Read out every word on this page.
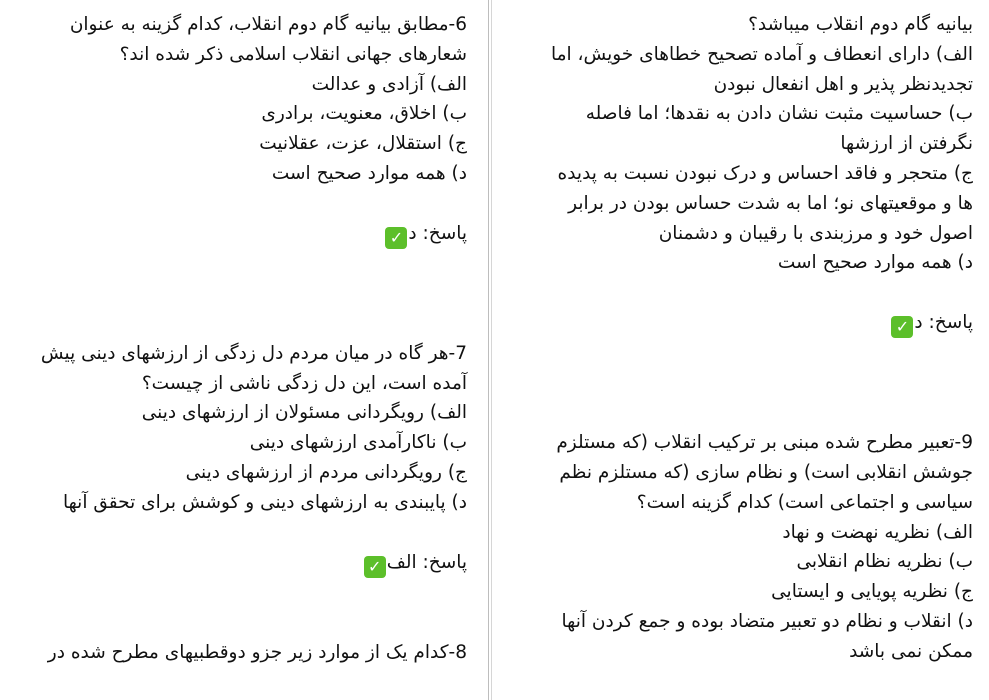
بیانیه گام دوم انقلاب میباشد؟
الف) دارای انعطاف و آماده تصحیح خطاهای خویش، اما
تجدیدنظر پذیر و اهل انفعال نبودن
ب) حساسیت مثبت نشان دادن به نقدها؛ اما فاصله
نگرفتن از ارزشها
ج) متحجر و فاقد احساس و درک نبودن نسبت به پدیده
ها و موقعیتهای نو؛ اما به شدت حساس بودن در برابر
اصول خود و مرزبندی با رقیبان و دشمنان
د) همه موارد صحیح است
پاسخ: د✓
9-تعبیر مطرح شده مبنی بر ترکیب انقلاب (که مستلزم
جوشش انقلابی است) و نظام سازی (که مستلزم نظم
سیاسی و اجتماعی است) کدام گزینه است؟
الف) نظریه نهضت و نهاد
ب) نظریه نظام انقلابی
ج) نظریه پویایی و ایستایی
د) انقلاب و نظام دو تعبیر متضاد بوده و جمع کردن آنها
ممکن نمی باشد
6-مطابق بیانیه گام دوم انقلاب، کدام گزینه به عنوان
شعارهای جهانی انقلاب اسلامی ذکر شده اند؟
الف) آزادی و عدالت
ب) اخلاق، معنویت، برادری
ج) استقلال، عزت، عقلانیت
د) همه موارد صحیح است
پاسخ: د✓
7-هر گاه در میان مردم دل زدگی از ارزشهای دینی پیش
آمده است، این دل زدگی ناشی از چیست؟
الف) رویگردانی مسئولان از ارزشهای دینی
ب) ناکارآمدی ارزشهای دینی
ج) رویگردانی مردم از ارزشهای دینی
د) پایبندی به ارزشهای دینی و کوشش برای تحقق آنها
پاسخ: الف✓
8-کدام یک از موارد زیر جزو دوقطبیهای مطرح شده در
